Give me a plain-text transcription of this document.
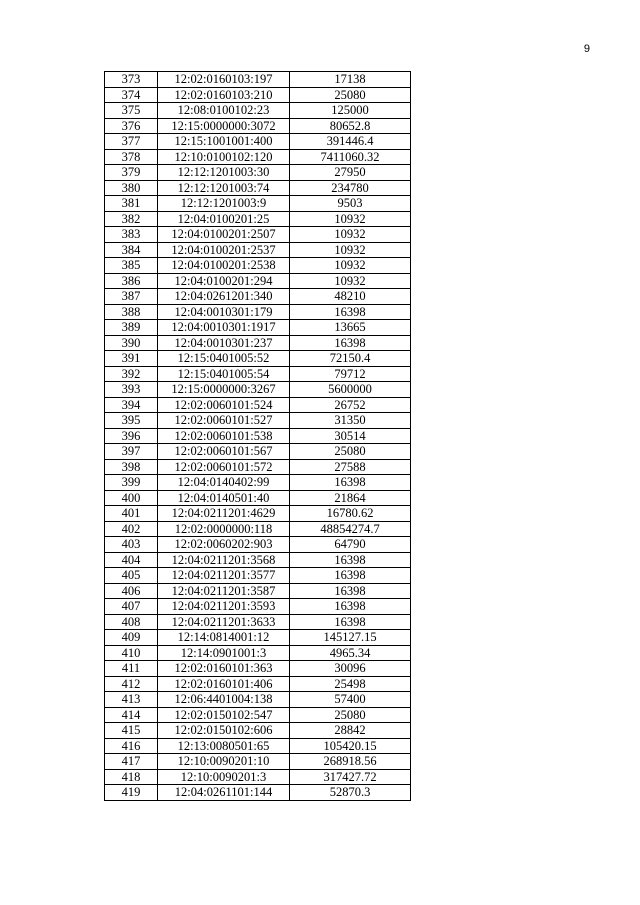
9
373	12:02:0160103:197	17138
374	12:02:0160103:210	25080
375	12:08:0100102:23	125000
376	12:15:0000000:3072	80652.8
377	12:15:1001001:400	391446.4
378	12:10:0100102:120	7411060.32
379	12:12:1201003:30	27950
380	12:12:1201003:74	234780
381	12:12:1201003:9	9503
382	12:04:0100201:25	10932
383	12:04:0100201:2507	10932
384	12:04:0100201:2537	10932
385	12:04:0100201:2538	10932
386	12:04:0100201:294	10932
387	12:04:0261201:340	48210
388	12:04:0010301:179	16398
389	12:04:0010301:1917	13665
390	12:04:0010301:237	16398
391	12:15:0401005:52	72150.4
392	12:15:0401005:54	79712
393	12:15:0000000:3267	5600000
394	12:02:0060101:524	26752
395	12:02:0060101:527	31350
396	12:02:0060101:538	30514
397	12:02:0060101:567	25080
398	12:02:0060101:572	27588
399	12:04:0140402:99	16398
400	12:04:0140501:40	21864
401	12:04:0211201:4629	16780.62
402	12:02:0000000:118	48854274.7
403	12:02:0060202:903	64790
404	12:04:0211201:3568	16398
405	12:04:0211201:3577	16398
406	12:04:0211201:3587	16398
407	12:04:0211201:3593	16398
408	12:04:0211201:3633	16398
409	12:14:0814001:12	145127.15
410	12:14:0901001:3	4965.34
411	12:02:0160101:363	30096
412	12:02:0160101:406	25498
413	12:06:4401004:138	57400
414	12:02:0150102:547	25080
415	12:02:0150102:606	28842
416	12:13:0080501:65	105420.15
417	12:10:0090201:10	268918.56
418	12:10:0090201:3	317427.72
419	12:04:0261101:144	52870.3
